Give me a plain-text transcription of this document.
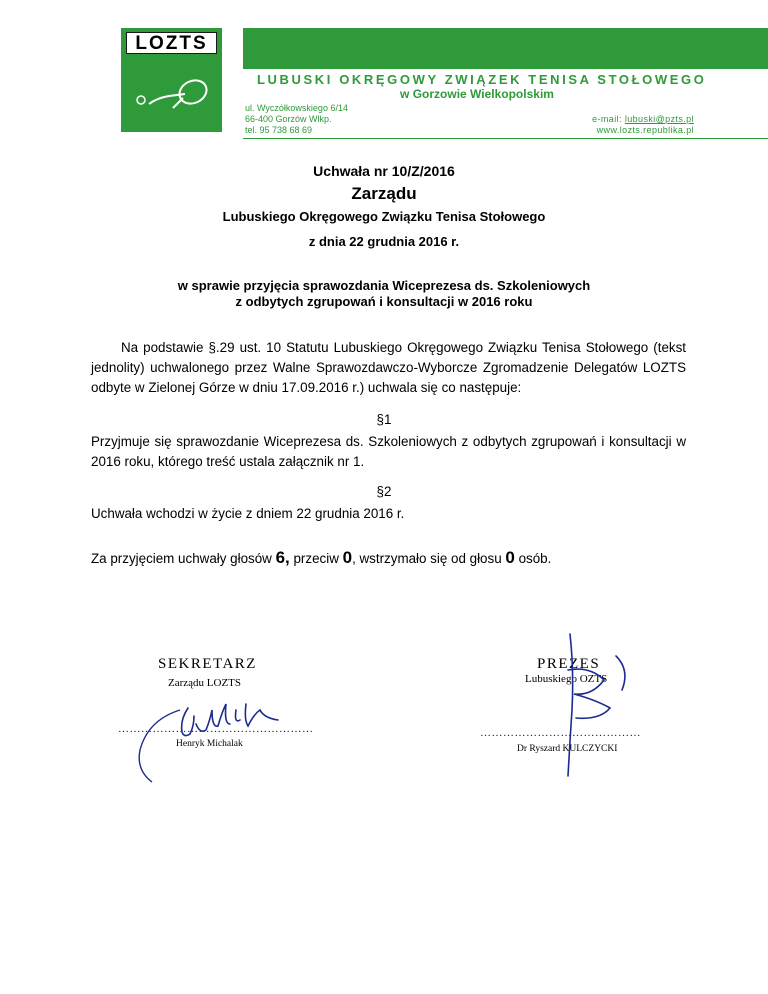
LOZTS
LUBUSKI OKRĘGOWY ZWIĄZEK TENISA STOŁOWEGO
w Gorzowie Wielkopolskim
ul. Wyczółkowskiego 6/14
66-400 Gorzów Wlkp.
tel. 95 738 68 69
e-mail: lubuski@pzts.pl
www.lozts.republika.pl
Uchwała nr 10/Z/2016
Zarządu
Lubuskiego Okręgowego Związku Tenisa Stołowego
z dnia 22 grudnia 2016 r.
w sprawie przyjęcia sprawozdania Wiceprezesa ds. Szkoleniowych
z odbytych zgrupowań i konsultacji w 2016 roku
Na podstawie §.29 ust. 10 Statutu Lubuskiego Okręgowego Związku Tenisa Stołowego (tekst jednolity) uchwalonego przez Walne Sprawozdawczo-Wyborcze Zgromadzenie Delegatów LOZTS odbyte w Zielonej Górze w dniu 17.09.2016 r.) uchwala się co następuje:
§1
Przyjmuje się sprawozdanie Wiceprezesa ds. Szkoleniowych z odbytych zgrupowań i konsultacji w 2016 roku, którego treść ustala załącznik nr 1.
§2
Uchwała wchodzi w życie z dniem 22 grudnia 2016 r.
Za przyjęciem uchwały głosów 6, przeciw 0, wstrzymało się od głosu 0 osób.
SEKRETARZ
Zarządu LOZTS
……………………………………………
Henryk Michalak
PREZES
Lubuskiego OZTS
……………………………………
Dr Ryszard KULCZYCKI
